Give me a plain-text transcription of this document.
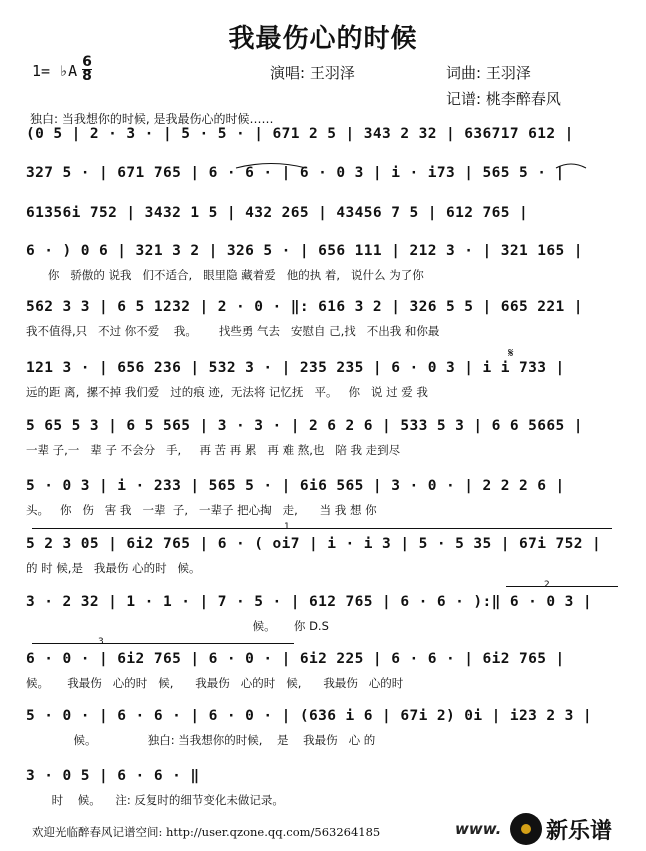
我最伤心的时候
1= ♭A 6
8	演唱: 王羽泽	词曲: 王羽泽
记谱: 桃李醉春风
独白: 当我想你的时候, 是我最伤心的时候……
(0 5 | 2 · 3 · | 5 · 5 · | 671 2 5 | 343 2 32 | 636717 612 |
327 5 · | 671 765 | 6 · 6 · | 6 · 0 3 | i · i73 | 565 5 · |
61356i 752 | 3432 1 5 | 432 265 | 43456 7 5 | 612 765 |
6 · ) 0 6 | 321 3 2 | 326 5 · | 656 111 | 212 3 · | 321 165 |
你   骄傲的 说我   们不适合,   眼里隐 藏着爱   他的执 着,   说什么 为了你
562 3 3 | 6 5 1232 | 2 · 0 · ‖: 616 3 2 | 326 5 5 | 665 221 |
我不值得,只   不过 你不爱    我。      找些勇 气去   安慰自 己,找   不出我 和你最
𝄋
121 3 · | 656 236 | 532 3 · | 235 235 | 6 · 0 3 | i i 733 |
远的距 离,  摞不掉 我们爱   过的痕 迹,  无法将 记忆抚   平。   你   说 过 爱 我
5 65 5 3 | 6 5 565 | 3 · 3 · | 2 6 2 6 | 533 5 3 | 6 6 5665 |
一辈 子,一   辈 子 不会分   手,     再 苦 再 累   再 难 熬,也   陪 我 走到尽
5 · 0 3 | i · 233 | 565 5 · | 6i6 565 | 3 · 0 · | 2 2 2 6 |
头。   你   伤   害 我   一辈  子,   一辈子 把心掏   走,      当 我 想 你
1
5 2 3 05 | 6i2 765 | 6 · ( oi7 | i · i 3 | 5 · 5 35 | 67i 752 |
的 时 候,是   我最伤 心的时   候。
2
3 · 2 32 | 1 · 1 · | 7 · 5 · | 612 765 | 6 · 6 · ):‖ 6 · 0 3 |
候。     你 D.S
3
6 · 0 · | 6i2 765 | 6 · 0 · | 6i2 225 | 6 · 6 · | 6i2 765 |
候。     我最伤   心的时   候,      我最伤   心的时   候,      我最伤   心的时
5 · 0 · | 6 · 6 · | 6 · 0 · | (636 i 6 | 67i 2) 0i | i23 2 3 |
候。              独白: 当我想你的时候,    是    我最伤   心 的
3 · 0 5 | 6 · 6 · ‖
时    候。    注: 反复时的细节变化未做记录。
欢迎光临醉春风记谱空间: http://user.qzone.qq.com/563264185	www. 新乐谱
